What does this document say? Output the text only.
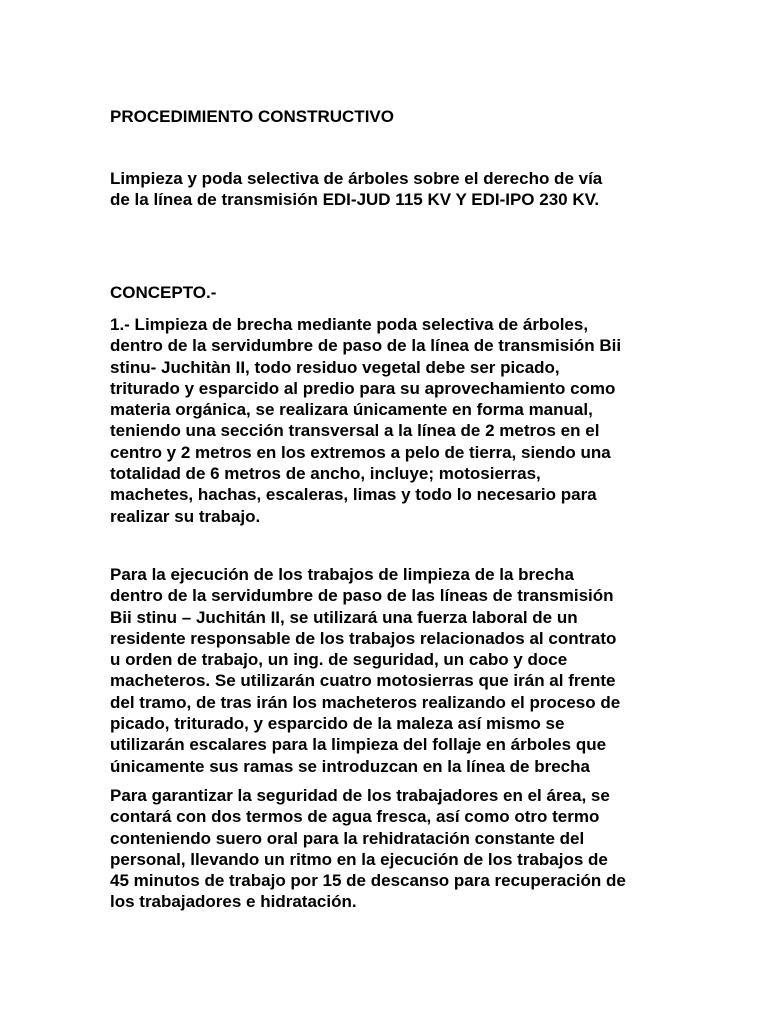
PROCEDIMIENTO CONSTRUCTIVO
Limpieza y poda selectiva de árboles sobre el derecho de vía
de la línea de transmisión EDI-JUD 115 KV Y EDI-IPO 230 KV.
CONCEPTO.-
1.- Limpieza de brecha mediante poda selectiva de árboles,
dentro de la servidumbre de paso de la línea de transmisión Bii
stinu- Juchitàn II, todo residuo vegetal debe ser picado,
triturado y esparcido al predio para su aprovechamiento como
materia orgánica, se realizara únicamente en forma manual,
teniendo una sección transversal a la línea de 2 metros en el
centro y 2 metros en los extremos a pelo de tierra, siendo una
totalidad de 6 metros de ancho, incluye; motosierras,
machetes, hachas, escaleras, limas y todo lo necesario para
realizar su trabajo.
Para la ejecución de los trabajos de limpieza de la brecha
dentro de la servidumbre de paso de las líneas de transmisión
Bii stinu – Juchitán II, se utilizará una fuerza laboral de un
residente responsable de los trabajos relacionados al contrato
u orden de trabajo, un ing. de seguridad, un cabo y doce
macheteros. Se utilizarán cuatro motosierras que irán al frente
del tramo, de tras irán los macheteros realizando el proceso de
picado, triturado, y esparcido de la maleza así mismo se
utilizarán escalares para la limpieza del follaje en árboles que
únicamente sus ramas se introduzcan en la línea de brecha
Para garantizar la seguridad de los trabajadores en el área, se
contará con dos termos de agua fresca, así como otro termo
conteniendo suero oral para la rehidratación constante del
personal, llevando un ritmo en la ejecución de los trabajos de
45 minutos de trabajo por 15 de descanso para recuperación de
los trabajadores e hidratación.
